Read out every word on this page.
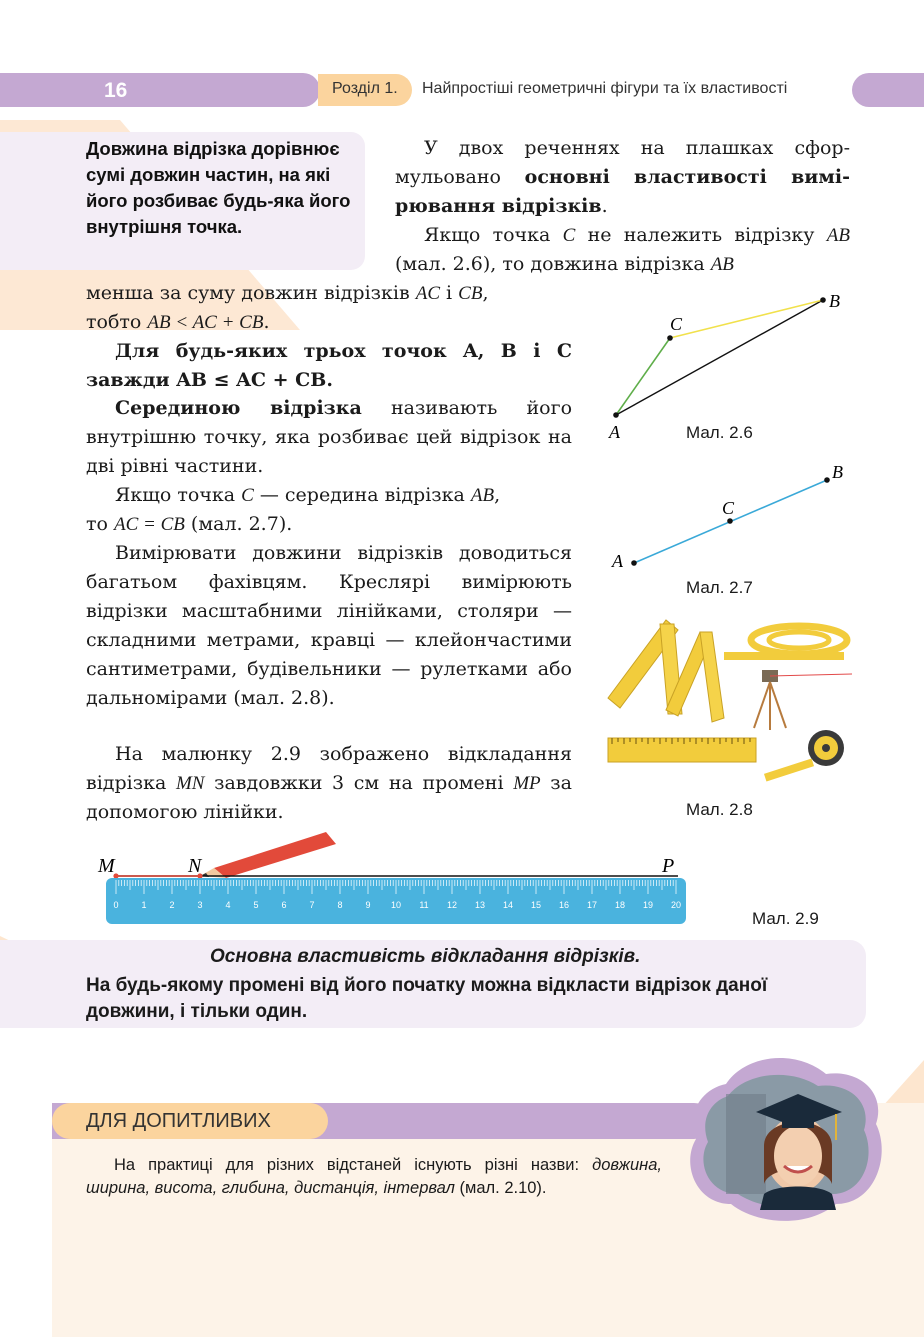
16	Розділ 1.	Найпростіші геометричні фігури та їх властивості

Довжина відрізка дорівнює сумі довжин частин, на які його розбиває будь-яка його внутрішня точка.

У двох реченнях на плашках сформульовано основні властивості вимірювання відрізків.
Якщо точка C не належить відрізку AB (мал. 2.6), то довжина відрізка AB
менша за суму довжин відрізків AC і CB,
тобто AB < AC + CB.
Для будь-яких трьох точок A, B і C завжди AB ≤ AC + CB.
Серединою відрізка називають його внутрішню точку, яка розбиває цей відрізок на дві рівні частини.
Якщо точка C — середина відрізка AB,
то AC = CB (мал. 2.7).
Вимірювати довжини відрізків доводиться багатьом фахівцям. Креслярі вимірюють відрізки масштабними лінійками, столяри — складними метрами, кравці — клейончастими сантиметрами, будівельники — рулетками або дальномірами (мал. 2.8).
На малюнку 2.9 зображено відкладання відрізка MN завдовжки 3 см на промені MP за допомогою лінійки.
A
B
C
Мал. 2.6
A
C
B
Мал. 2.7
Мал. 2.8
M	N	P
0	1	2	3	4	5	6	7	8	9 10 11 12 13 14 15 16 17 18 19 20
Мал. 2.9
Основна властивість відкладання відрізків.
На будь-якому промені від його початку можна відкласти відрізок даної довжини, і тільки один.
ДЛЯ ДОПИТЛИВИХ
На практиці для різних відстаней існують різні назви: довжина, ширина, висота, глибина, дистанція, інтервал (мал. 2.10).
